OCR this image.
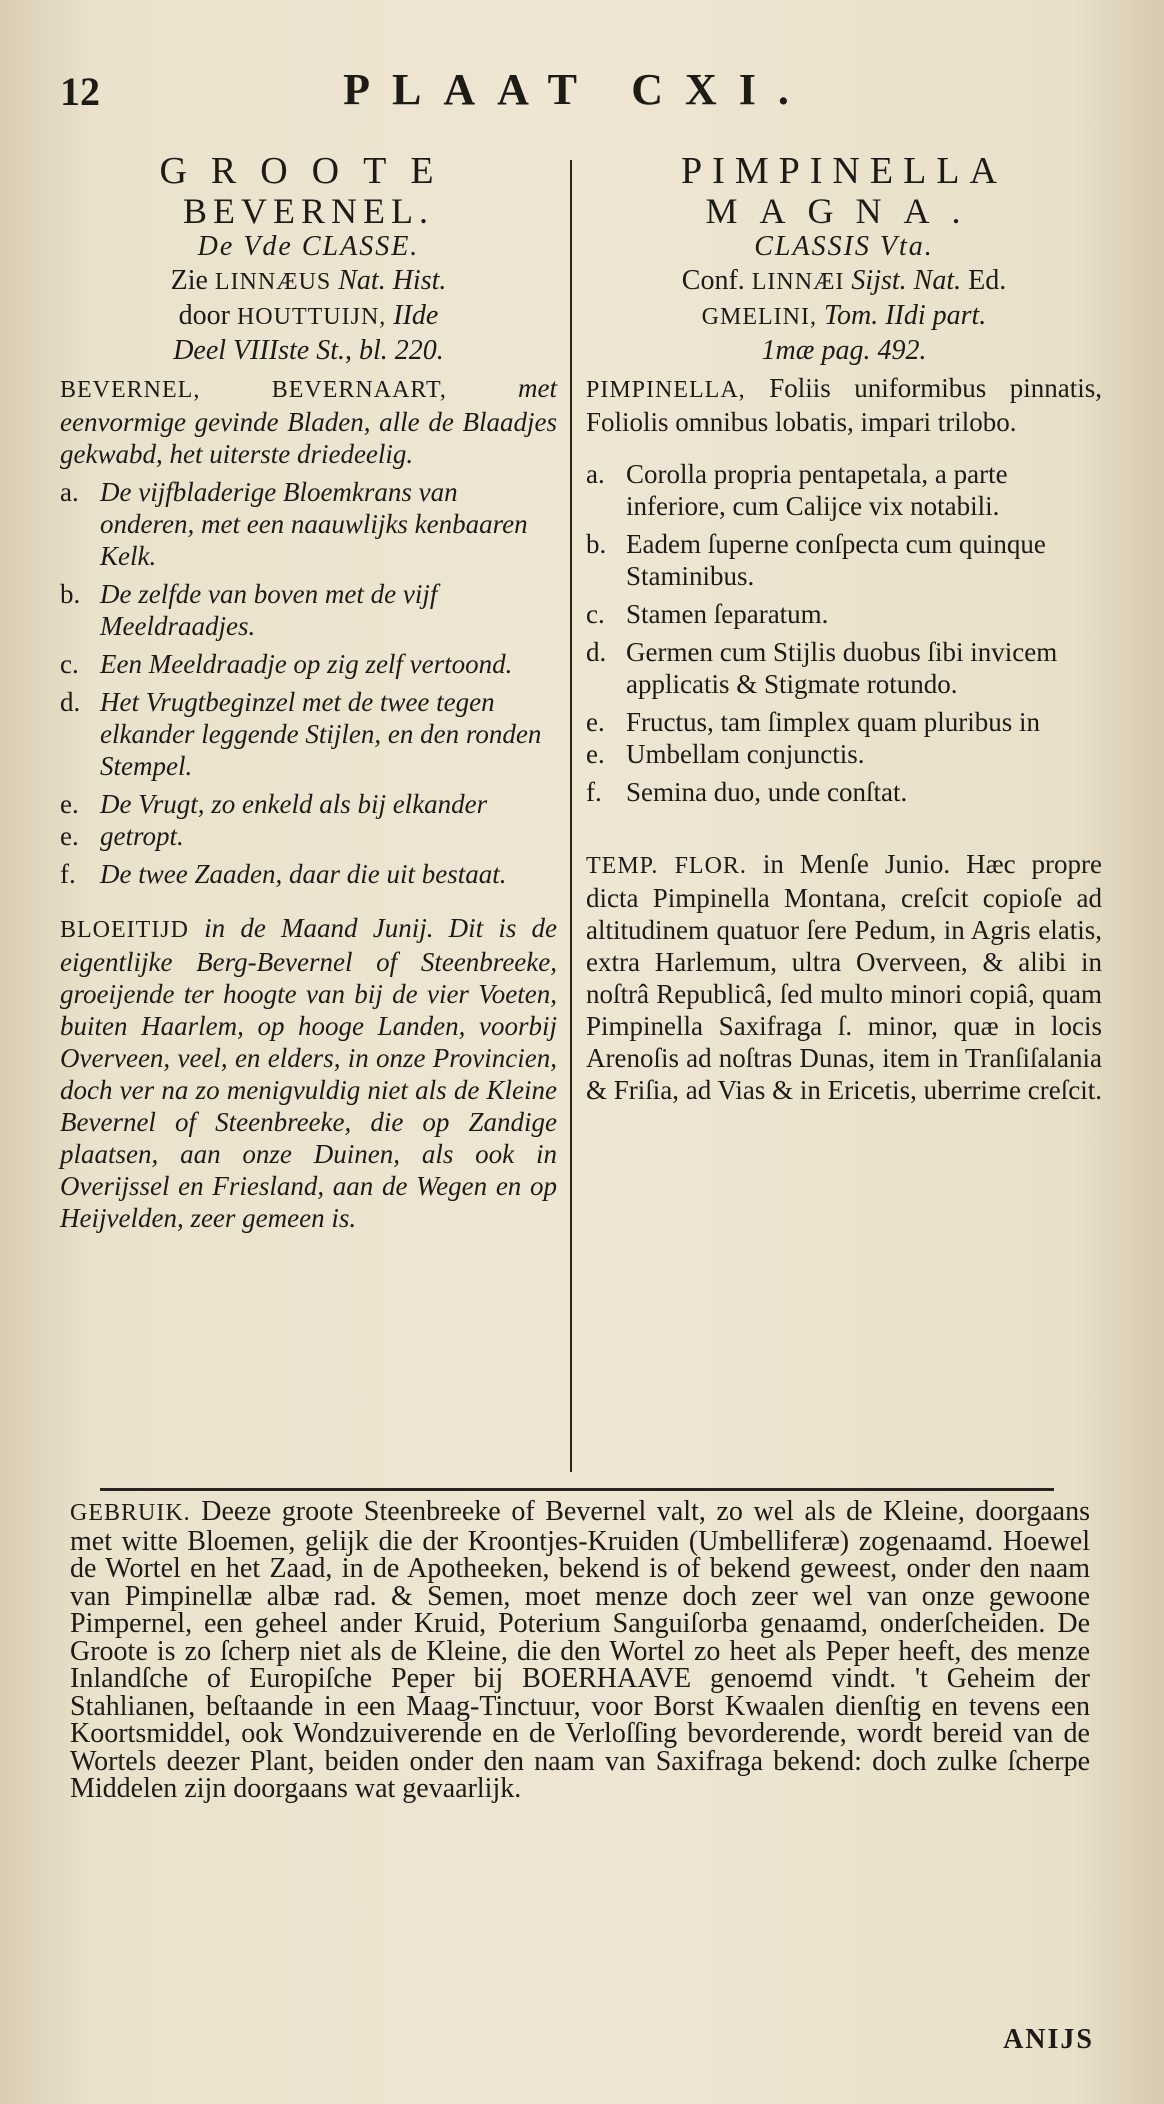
12	PLAAT CXI.
GROOTE
BEVERNEL.
De Vde CLASSE.
Zie LINNÆUS Nat. Hist.
door HOUTTUIJN, IIde
Deel VIIIste St., bl. 220.
BEVERNEL, BEVERNAART,	met eenvormige gevinde Bladen, alle de Blaadjes gekwabd, het uiterste driedeelig.
a. De vijfbladerige Bloemkrans van onderen, met een naauwlijks kenbaaren Kelk.
b. De zelfde van boven met de vijf Meeldraadjes.
c. Een Meeldraadje op zig zelf vertoond.
d. Het Vrugtbeginzel met de twee tegen elkander leggende Stijlen, en den ronden Stempel.
e. e.
De Vrugt, zo enkeld als bij elkander getropt.
f. De twee Zaaden, daar die uit bestaat.
BLOEITIJD in de Maand Junij. Dit is de eigentlijke Berg-Bevernel of Steenbreeke, groeijende ter hoogte van bij de vier Voeten, buiten Haarlem, op hooge Landen, voorbij Overveen, veel, en elders, in onze Provincien, doch ver na zo menigvuldig niet als de Kleine Bevernel of Steenbreeke, die op Zandige plaatsen, aan onze Duinen, als ook in Overijssel en Friesland, aan de Wegen en op Heijvelden, zeer gemeen is.
PIMPINELLA
MAGNA.
CLASSIS Vta.
Conf. LINNÆI Sijst. Nat. Ed.
GMELINI, Tom. IIdi part.
1mæ pag. 492.
PIMPINELLA, Foliis uniformibus pinnatis, Foliolis omnibus lobatis, impari trilobo.
a. Corolla propria pentapetala, a parte inferiore, cum Calijce vix notabili.
b. Eadem ſuperne conſpecta cum quinque Staminibus.
c. Stamen ſeparatum.
d. Germen cum Stijlis duobus ſibi invicem applicatis & Stigmate rotundo.
e. e.
Fructus, tam ſimplex quam pluribus in Umbellam conjunctis.
f. Semina duo, unde conſtat.
TEMP. FLOR. in Menſe Junio. Hæc propre dicta Pimpinella Montana, creſcit copioſe ad altitudinem quatuor ſere Pedum, in Agris elatis, extra Harlemum, ultra Overveen, & alibi in noſtrâ Republicâ, ſed multo minori copiâ, quam Pimpinella Saxifraga ſ. minor, quæ in locis Arenoſis ad noſtras Dunas, item in Tranſiſalania & Friſia, ad Vias & in Ericetis, uberrime creſcit.
GEBRUIK. Deeze groote Steenbreeke of Bevernel valt, zo wel als de Kleine, doorgaans met witte Bloemen, gelijk die der Kroontjes-Kruiden (Umbelliferæ) zogenaamd. Hoewel de Wortel en het Zaad, in de Apotheeken, bekend is of bekend geweest, onder den naam van Pimpinellæ albæ rad. & Semen, moet menze doch zeer wel van onze gewoone Pimpernel, een geheel ander Kruid, Poterium Sanguiſorba genaamd, onderſcheiden. De Groote is zo ſcherp niet als de Kleine, die den Wortel zo heet als Peper heeft, des menze Inlandſche of Europiſche Peper bij BOERHAAVE genoemd vindt. 't Geheim der Stahlianen, beſtaande in een Maag-Tinctuur, voor Borst Kwaalen dienſtig en tevens een Koortsmiddel, ook Wondzuiverende en de Verloſſing bevorderende, wordt bereid van de Wortels deezer Plant, beiden onder den naam van Saxifraga bekend: doch zulke ſcherpe Middelen zijn doorgaans wat gevaarlijk.
ANIJS
